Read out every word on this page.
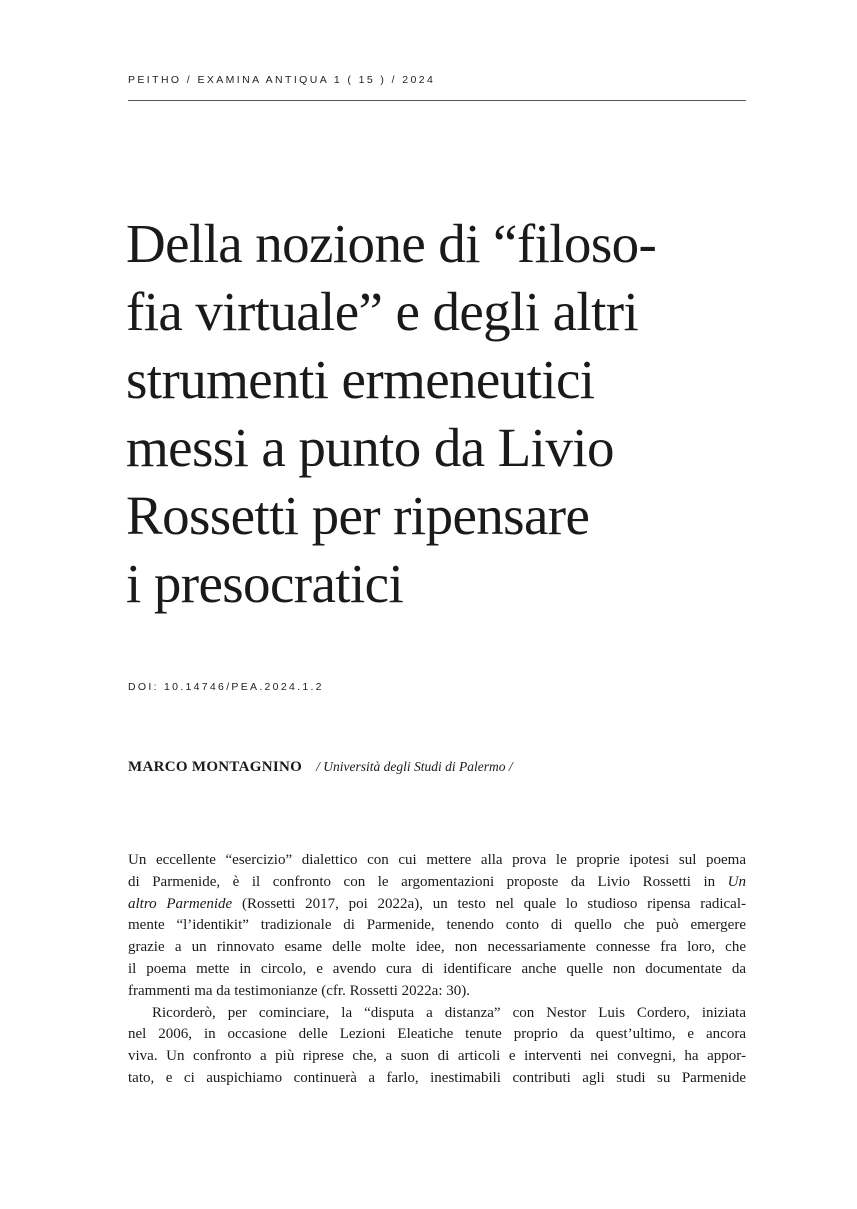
PEITHO / EXAMINA ANTIQUA 1 ( 15 ) / 2024
Della nozione di “filoso-
fia virtuale” e degli altri
strumenti ermeneutici
messi a punto da Livio
Rossetti per ripensare
i presocratici
DOI: 10.14746/PEA.2024.1.2
MARCO MONTAGNINO / Università degli Studi di Palermo /
Un eccellente “esercizio” dialettico con cui mettere alla prova le proprie ipotesi sul poema
di Parmenide, è il confronto con le argomentazioni proposte da Livio Rossetti in Un
altro Parmenide (Rossetti 2017, poi 2022a), un testo nel quale lo studioso ripensa radical-
mente “l’identikit” tradizionale di Parmenide, tenendo conto di quello che può emergere
grazie a un rinnovato esame delle molte idee, non necessariamente connesse fra loro, che
il poema mette in circolo, e avendo cura di identificare anche quelle non documentate da
frammenti ma da testimonianze (cfr. Rossetti 2022a: 30).
Ricorderò, per cominciare, la “disputa a distanza” con Nestor Luis Cordero, iniziata
nel 2006, in occasione delle Lezioni Eleatiche tenute proprio da quest’ultimo, e ancora
viva. Un confronto a più riprese che, a suon di articoli e interventi nei convegni, ha appor-
tato, e ci auspichiamo continuerà a farlo, inestimabili contributi agli studi su Parmenide
